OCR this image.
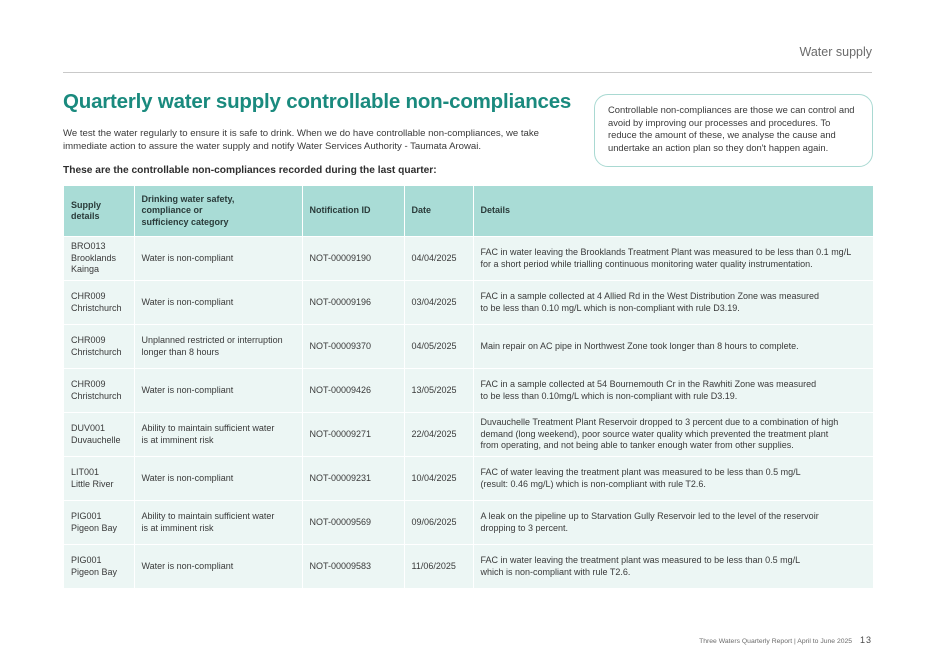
Water supply
Quarterly water supply controllable non-compliances

We test the water regularly to ensure it is safe to drink. When we do have controllable non-compliances, we take immediate action to assure the water supply and notify Water Services Authority - Taumata Arowai.

Controllable non-compliances are those we can control and avoid by improving our processes and procedures. To reduce the amount of these, we analyse the cause and undertake an action plan so they don't happen again.
These are the controllable non-compliances recorded during the last quarter:
Supply
details	Drinking water safety,
compliance or
sufficiency category	Notification ID	Date	Details
BRO013
Brooklands
Kainga	Water is non-compliant	NOT-00009190	04/04/2025	FAC in water leaving the Brooklands Treatment Plant was measured to be less than 0.1 mg/L
for a short period while trialling continuous monitoring water quality instrumentation.
CHR009
Christchurch	Water is non-compliant	NOT-00009196	03/04/2025	FAC in a sample collected at 4 Allied Rd in the West Distribution Zone was measured
to be less than 0.10 mg/L which is non-compliant with rule D3.19.
CHR009
Christchurch	Unplanned restricted or interruption
longer than 8 hours	NOT-00009370	04/05/2025	Main repair on AC pipe in Northwest Zone took longer than 8 hours to complete.
CHR009
Christchurch	Water is non-compliant	NOT-00009426	13/05/2025	FAC in a sample collected at 54 Bournemouth Cr in the Rawhiti Zone was measured
to be less than 0.10mg/L which is non-compliant with rule D3.19.
DUV001
Duvauchelle	Ability to maintain sufficient water
is at imminent risk	NOT-00009271	22/04/2025	Duvauchelle Treatment Plant Reservoir dropped to 3 percent due to a combination of high
demand (long weekend), poor source water quality which prevented the treatment plant
from operating, and not being able to tanker enough water from other supplies.
LIT001
Little River	Water is non-compliant	NOT-00009231	10/04/2025	FAC of water leaving the treatment plant was measured to be less than 0.5 mg/L
(result: 0.46 mg/L) which is non-compliant with rule T2.6.
PIG001
Pigeon Bay	Ability to maintain sufficient water
is at imminent risk	NOT-00009569	09/06/2025	A leak on the pipeline up to Starvation Gully Reservoir led to the level of the reservoir
dropping to 3 percent.
PIG001
Pigeon Bay	Water is non-compliant	NOT-00009583	11/06/2025	FAC in water leaving the treatment plant was measured to be less than 0.5 mg/L
which is non-compliant with rule T2.6.
Three Waters Quarterly Report | April to June 2025 13
